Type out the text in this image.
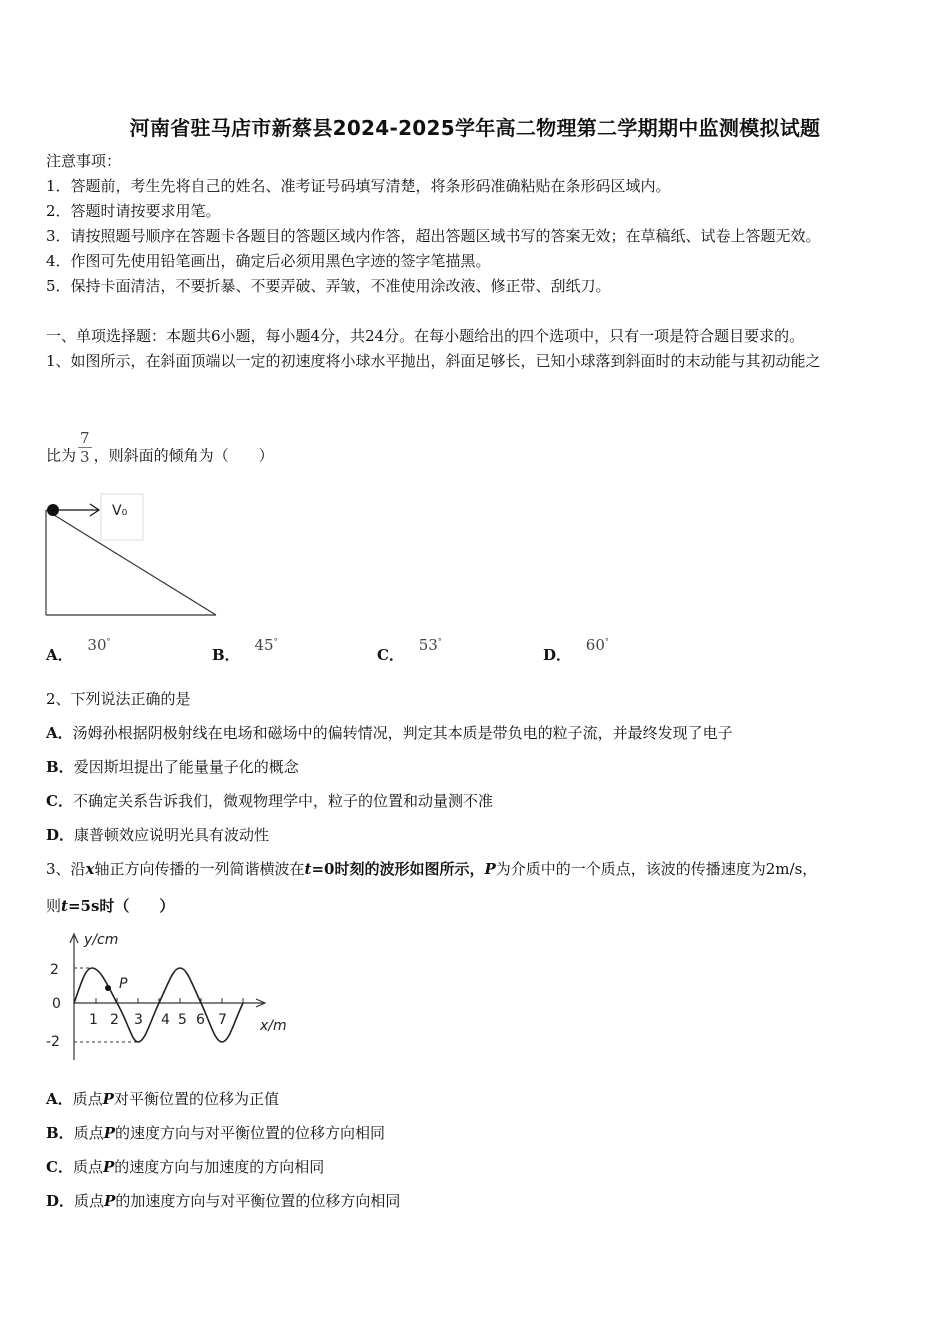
河南省驻马店市新蔡县2024-2025学年高二物理第二学期期中监测模拟试题
注意事项：
1．答题前，考生先将自己的姓名、准考证号码填写清楚，将条形码准确粘贴在条形码区域内。
2．答题时请按要求用笔。
3．请按照题号顺序在答题卡各题目的答题区域内作答，超出答题区域书写的答案无效；在草稿纸、试卷上答题无效。
4．作图可先使用铅笔画出，确定后必须用黑色字迹的签字笔描黑。
5．保持卡面清洁，不要折暴、不要弄破、弄皱，不准使用涂改液、修正带、刮纸刀。
一、单项选择题：本题共6小题，每小题4分，共24分。在每小题给出的四个选项中，只有一项是符合题目要求的。
1、如图所示，在斜面顶端以一定的初速度将小球水平抛出，斜面足够长，已知小球落到斜面时的末动能与其初动能之
比为 $\frac{7}{3}$ ，则斜面的倾角为（　　）
V₀
A． 30°
B． 45°
C． 53°
D． 60°
2、下列说法正确的是
A．汤姆孙根据阴极射线在电场和磁场中的偏转情况，判定其本质是带负电的粒子流，并最终发现了电子
B．爱因斯坦提出了能量量子化的概念
C．不确定关系告诉我们，微观物理学中，粒子的位置和动量测不准
D．康普顿效应说明光具有波动性
3、沿x轴正方向传播的一列简谐横波在t=0时刻的波形如图所示，P为介质中的一个质点，该波的传播速度为2m/s，
则t=5s时（　　）
y/cm
x/m
2
0
-2
1 2 3 4 5 6 7
P
A．质点P对平衡位置的位移为正值
B．质点P的速度方向与对平衡位置的位移方向相同
C．质点P的速度方向与加速度的方向相同
D．质点P的加速度方向与对平衡位置的位移方向相同
